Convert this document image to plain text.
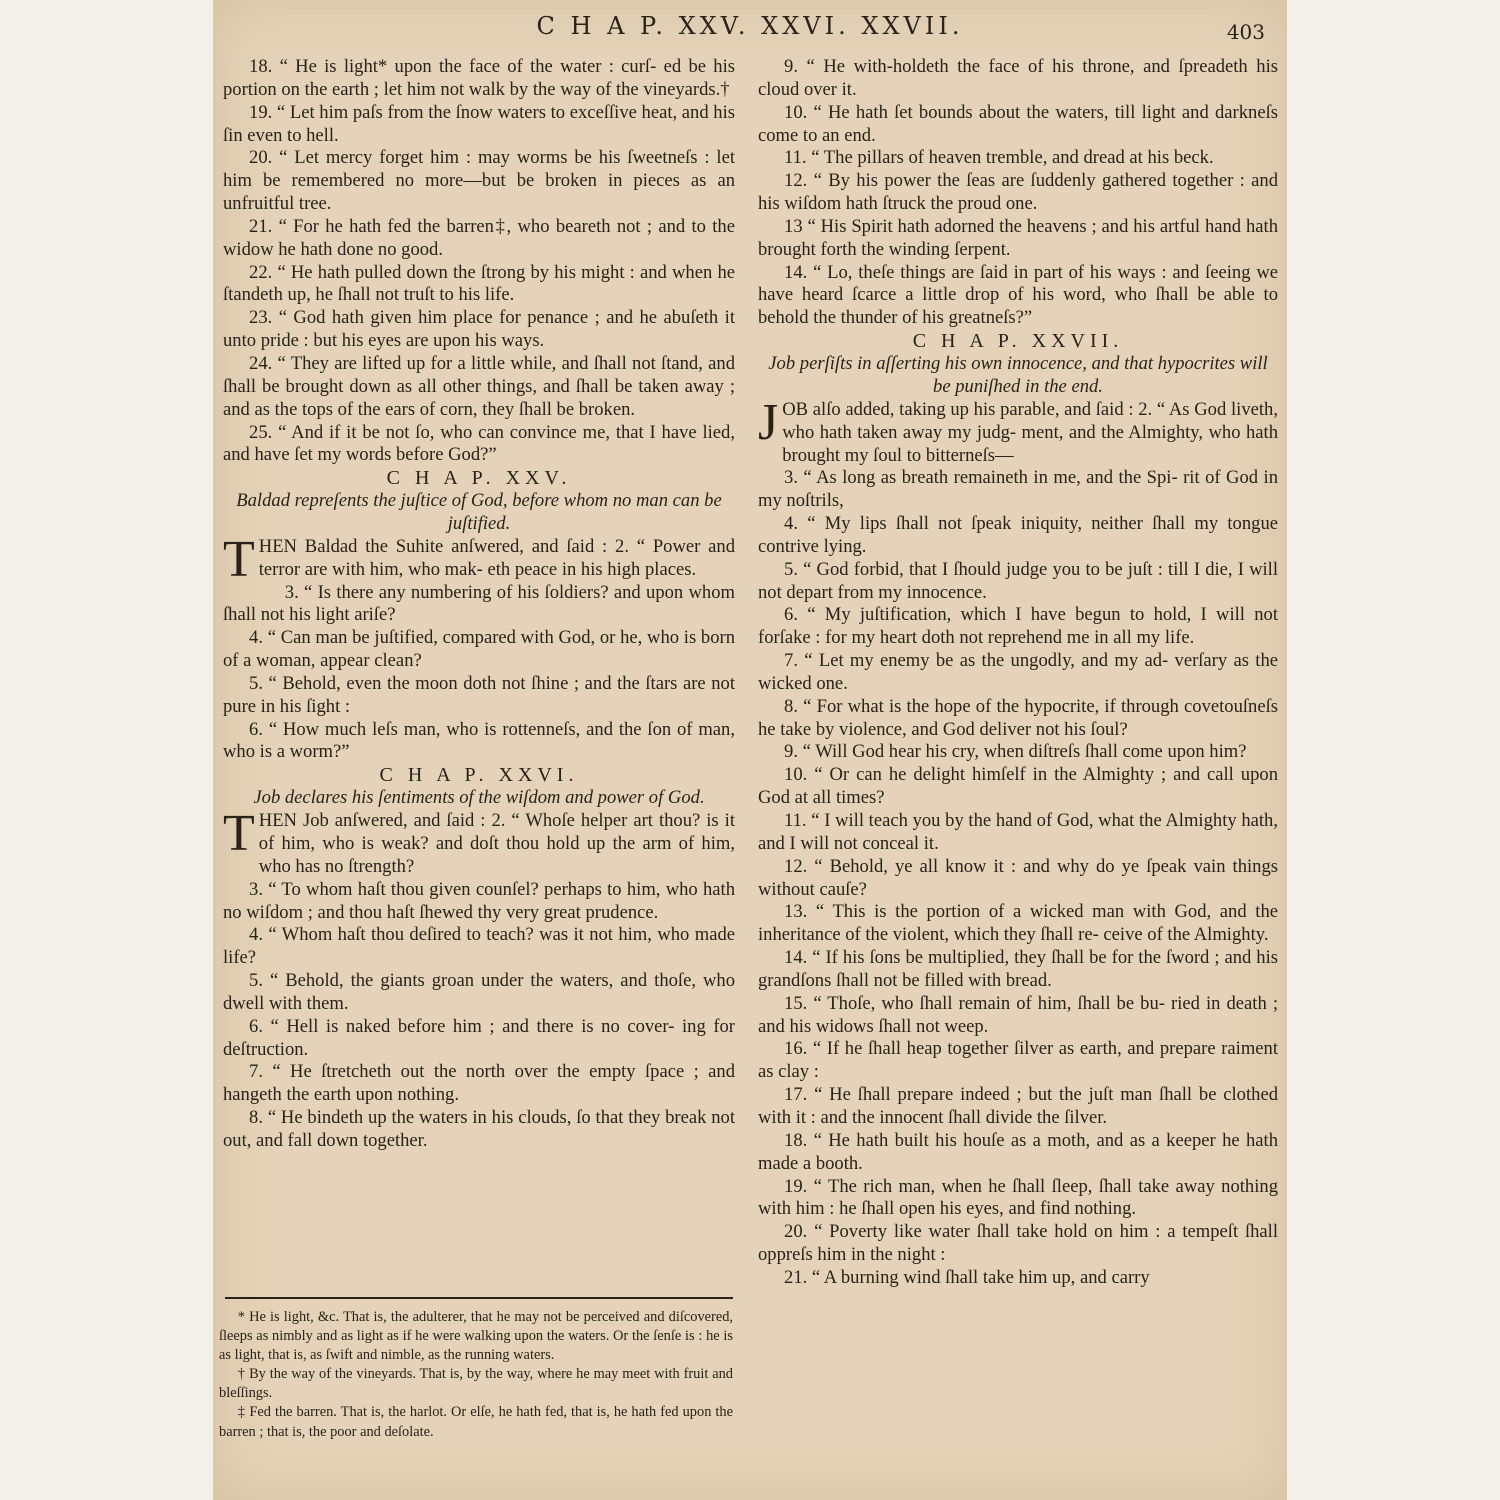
C H A P. XXV. XXVI. XXVII.	403

18. “ He is light* upon the face of the water : curſ- ed be his portion on the earth ; let him not walk by the way of the vineyards.†

19. “ Let him paſs from the ſnow waters to exceſſive heat, and his ſin even to hell.

20. “ Let mercy forget him : may worms be his ſweetneſs : let him be remembered no more—but be broken in pieces as an unfruitful tree.

21. “ For he hath fed the barren‡, who beareth not ; and to the widow he hath done no good.

22. “ He hath pulled down the ſtrong by his might : and when he ſtandeth up, he ſhall not truſt to his life.

23. “ God hath given him place for penance ; and he abuſeth it unto pride : but his eyes are upon his ways.

24. “ They are lifted up for a little while, and ſhall not ſtand, and ſhall be brought down as all other things, and ſhall be taken away ; and as the tops of the ears of corn, they ſhall be broken.

25. “ And if it be not ſo, who can convince me, that I have lied, and have ſet my words before God?”

C H A P. XXV.

Baldad repreſents the juſtice of God, before whom no man can be juſtified.

THEN Baldad the Suhite anſwered, and ſaid : 2. “ Power and terror are with him, who mak- eth peace in his high places.

3. “ Is there any numbering of his ſoldiers? and upon whom ſhall not his light ariſe?

4. “ Can man be juſtified, compared with God, or he, who is born of a woman, appear clean?

5. “ Behold, even the moon doth not ſhine ; and the ſtars are not pure in his ſight :

6. “ How much leſs man, who is rottenneſs, and the ſon of man, who is a worm?”

C H A P. XXVI.

Job declares his ſentiments of the wiſdom and power of God.

THEN Job anſwered, and ſaid : 2. “ Whoſe helper art thou? is it of him, who is weak? and doſt thou hold up the arm of him, who has no ſtrength?

3. “ To whom haſt thou given counſel? perhaps to him, who hath no wiſdom ; and thou haſt ſhewed thy very great prudence.

4. “ Whom haſt thou deſired to teach? was it not him, who made life?

5. “ Behold, the giants groan under the waters, and thoſe, who dwell with them.

6. “ Hell is naked before him ; and there is no cover- ing for deſtruction.

7. “ He ſtretcheth out the north over the empty ſpace ; and hangeth the earth upon nothing.

8. “ He bindeth up the waters in his clouds, ſo that they break not out, and fall down together.

* He is light, &c. That is, the adulterer, that he may not be perceived and diſcovered, ſleeps as nimbly and as light as if he were walking upon the waters. Or the ſenſe is : he is as light, that is, as ſwift and nimble, as the running waters.

† By the way of the vineyards. That is, by the way, where he may meet with fruit and bleſſings.

‡ Fed the barren. That is, the harlot. Or elſe, he hath fed, that is, he hath fed upon the barren ; that is, the poor and deſolate.

9. “ He with-holdeth the face of his throne, and ſpreadeth his cloud over it.

10. “ He hath ſet bounds about the waters, till light and darkneſs come to an end.

11. “ The pillars of heaven tremble, and dread at his beck.

12. “ By his power the ſeas are ſuddenly gathered together : and his wiſdom hath ſtruck the proud one.

13 “ His Spirit hath adorned the heavens ; and his artful hand hath brought forth the winding ſerpent.

14. “ Lo, theſe things are ſaid in part of his ways : and ſeeing we have heard ſcarce a little drop of his word, who ſhall be able to behold the thunder of his greatneſs?”

C H A P. XXVII.

Job perſiſts in aſſerting his own innocence, and that hypocrites will be puniſhed in the end.

JOB alſo added, taking up his parable, and ſaid : 2. “ As God liveth, who hath taken away my judg- ment, and the Almighty, who hath brought my ſoul to bitterneſs—

3. “ As long as breath remaineth in me, and the Spi- rit of God in my noſtrils,

4. “ My lips ſhall not ſpeak iniquity, neither ſhall my tongue contrive lying.

5. “ God forbid, that I ſhould judge you to be juſt : till I die, I will not depart from my innocence.

6. “ My juſtification, which I have begun to hold, I will not forſake : for my heart doth not reprehend me in all my life.

7. “ Let my enemy be as the ungodly, and my ad- verſary as the wicked one.

8. “ For what is the hope of the hypocrite, if through covetouſneſs he take by violence, and God deliver not his ſoul?

9. “ Will God hear his cry, when diſtreſs ſhall come upon him?

10. “ Or can he delight himſelf in the Almighty ; and call upon God at all times?

11. “ I will teach you by the hand of God, what the Almighty hath, and I will not conceal it.

12. “ Behold, ye all know it : and why do ye ſpeak vain things without cauſe?

13. “ This is the portion of a wicked man with God, and the inheritance of the violent, which they ſhall re- ceive of the Almighty.

14. “ If his ſons be multiplied, they ſhall be for the ſword ; and his grandſons ſhall not be filled with bread.

15. “ Thoſe, who ſhall remain of him, ſhall be bu- ried in death ; and his widows ſhall not weep.

16. “ If he ſhall heap together ſilver as earth, and prepare raiment as clay :

17. “ He ſhall prepare indeed ; but the juſt man ſhall be clothed with it : and the innocent ſhall divide the ſilver.

18. “ He hath built his houſe as a moth, and as a keeper he hath made a booth.

19. “ The rich man, when he ſhall ſleep, ſhall take away nothing with him : he ſhall open his eyes, and find nothing.

20. “ Poverty like water ſhall take hold on him : a tempeſt ſhall oppreſs him in the night :

21. “ A burning wind ſhall take him up, and carry
